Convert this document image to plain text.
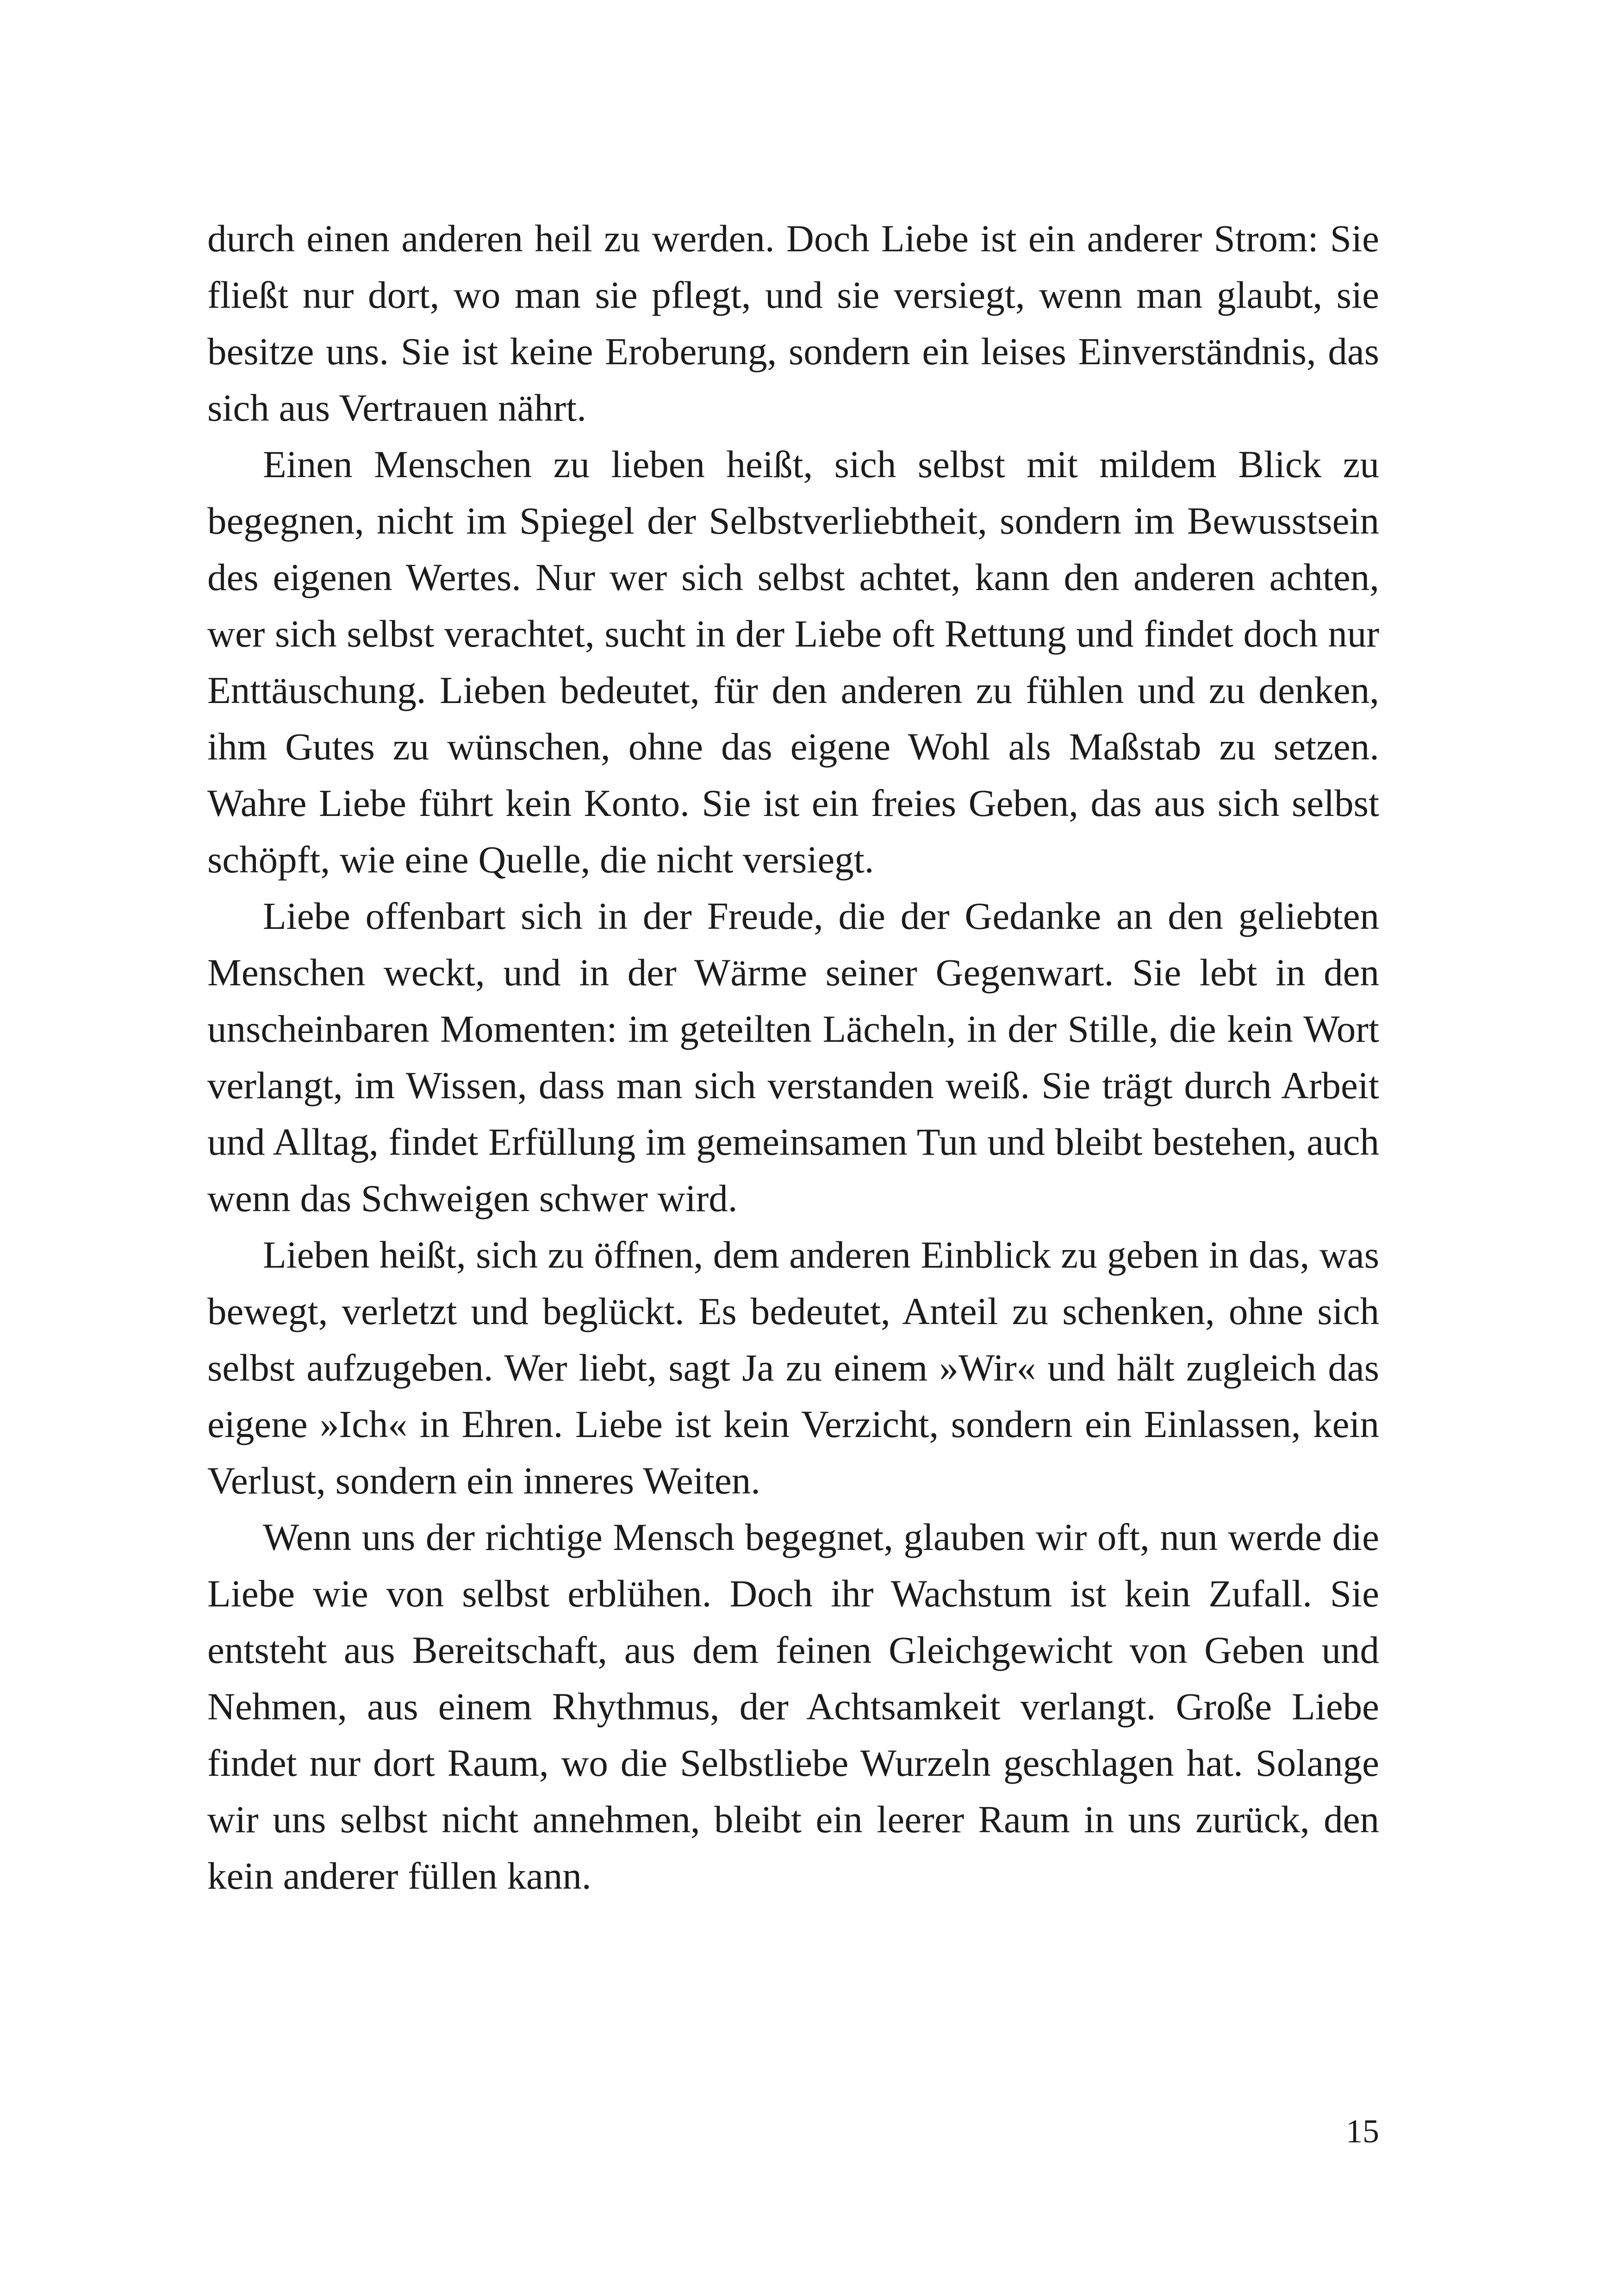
durch einen anderen heil zu werden. Doch Liebe ist ein anderer Strom: Sie fließt nur dort, wo man sie pflegt, und sie versiegt, wenn man glaubt, sie besitze uns. Sie ist keine Eroberung, sondern ein leises Einverständnis, das sich aus Vertrauen nährt.

Einen Menschen zu lieben heißt, sich selbst mit mildem Blick zu begegnen, nicht im Spiegel der Selbstverliebtheit, sondern im Bewusstsein des eigenen Wertes. Nur wer sich selbst achtet, kann den anderen achten, wer sich selbst verachtet, sucht in der Liebe oft Rettung und findet doch nur Enttäuschung. Lieben bedeutet, für den anderen zu fühlen und zu denken, ihm Gutes zu wünschen, ohne das eigene Wohl als Maßstab zu setzen. Wahre Liebe führt kein Konto. Sie ist ein freies Geben, das aus sich selbst schöpft, wie eine Quelle, die nicht versiegt.

Liebe offenbart sich in der Freude, die der Gedanke an den geliebten Menschen weckt, und in der Wärme seiner Gegenwart. Sie lebt in den unscheinbaren Momenten: im geteilten Lächeln, in der Stille, die kein Wort verlangt, im Wissen, dass man sich verstanden weiß. Sie trägt durch Arbeit und Alltag, findet Erfüllung im gemeinsamen Tun und bleibt bestehen, auch wenn das Schweigen schwer wird.

Lieben heißt, sich zu öffnen, dem anderen Einblick zu geben in das, was bewegt, verletzt und beglückt. Es bedeutet, Anteil zu schenken, ohne sich selbst aufzugeben. Wer liebt, sagt Ja zu einem »Wir« und hält zugleich das eigene »Ich« in Ehren. Liebe ist kein Verzicht, sondern ein Einlassen, kein Verlust, sondern ein inneres Weiten.

Wenn uns der richtige Mensch begegnet, glauben wir oft, nun werde die Liebe wie von selbst erblühen. Doch ihr Wachstum ist kein Zufall. Sie entsteht aus Bereitschaft, aus dem feinen Gleichgewicht von Geben und Nehmen, aus einem Rhythmus, der Achtsamkeit verlangt. Große Liebe findet nur dort Raum, wo die Selbstliebe Wurzeln geschlagen hat. Solange wir uns selbst nicht annehmen, bleibt ein leerer Raum in uns zurück, den kein anderer füllen kann.

15
